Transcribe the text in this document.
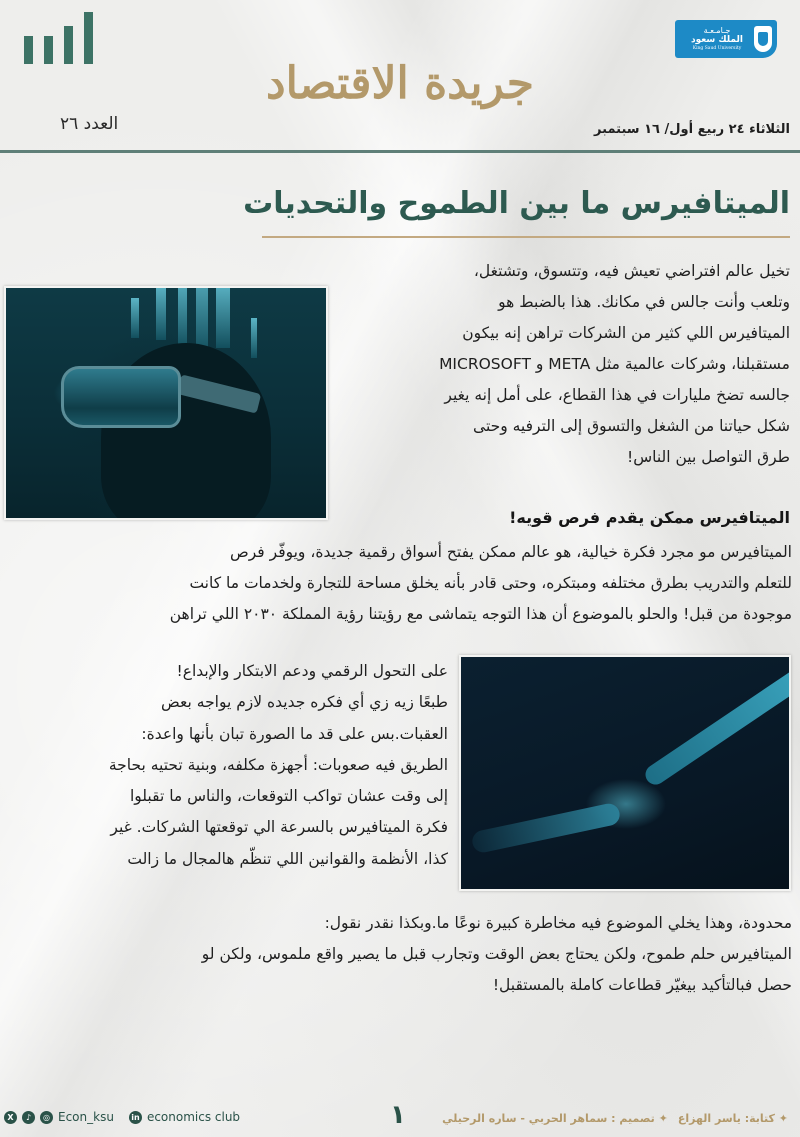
جـامـعـة
الملك سعود
King Saud University
جريدة الاقتصاد
العدد ٢٦	الثلاثاء ٢٤ ربيع أول/ ١٦ سبتمبر
الميتافيرس ما بين الطموح والتحديات
تخيل عالم افتراضي تعيش فيه، وتتسوق، وتشتغل،
وتلعب وأنت جالس في مكانك. هذا بالضبط هو
الميتافيرس اللي كثير من الشركات تراهن إنه بيكون
مستقبلنا، وشركات عالمية مثل META و MICROSOFT
جالسه تضخ مليارات في هذا القطاع، على أمل إنه يغير
شكل حياتنا من الشغل والتسوق إلى الترفيه وحتى
طرق التواصل بين الناس!
الميتافيرس ممكن يقدم فرص قويه!
الميتافيرس مو مجرد فكرة خيالية، هو عالم ممكن يفتح أسواق رقمية جديدة، ويوفّر فرص
للتعلم والتدريب بطرق مختلفه ومبتكره، وحتى قادر بأنه يخلق مساحة للتجارة ولخدمات ما كانت
موجودة من قبل! والحلو بالموضوع أن هذا التوجه يتماشى مع رؤيتنا رؤية المملكة ٢٠٣٠ اللي تراهن
على التحول الرقمي ودعم الابتكار والإبداع!
طبعًا زيه زي أي فكره جديده لازم يواجه بعض
العقبات.بس على قد ما الصورة تبان بأنها واعدة:
الطريق فيه صعوبات: أجهزة مكلفه، وبنية تحتيه بحاجة
إلى وقت عشان تواكب التوقعات، والناس ما تقبلوا
فكرة الميتافيرس بالسرعة الي توقعتها الشركات. غير
كذا، الأنظمة والقوانين اللي تنظّم هالمجال ما زالت
محدودة، وهذا يخلي الموضوع فيه مخاطرة كبيرة نوعًا ما.وبكذا نقدر نقول:
الميتافيرس حلم طموح، ولكن يحتاج بعض الوقت وتجارب قبل ما يصير واقع ملموس، ولكن لو
حصل فبالتأكيد بيغيّر قطاعات كاملة بالمستقبل!
X	♪	◎ Econ_ksu in economics club	١	✦ كتابة: ياسر الهزاع
✦ تصميم : سماهر الحربي - ساره الرحيلي
